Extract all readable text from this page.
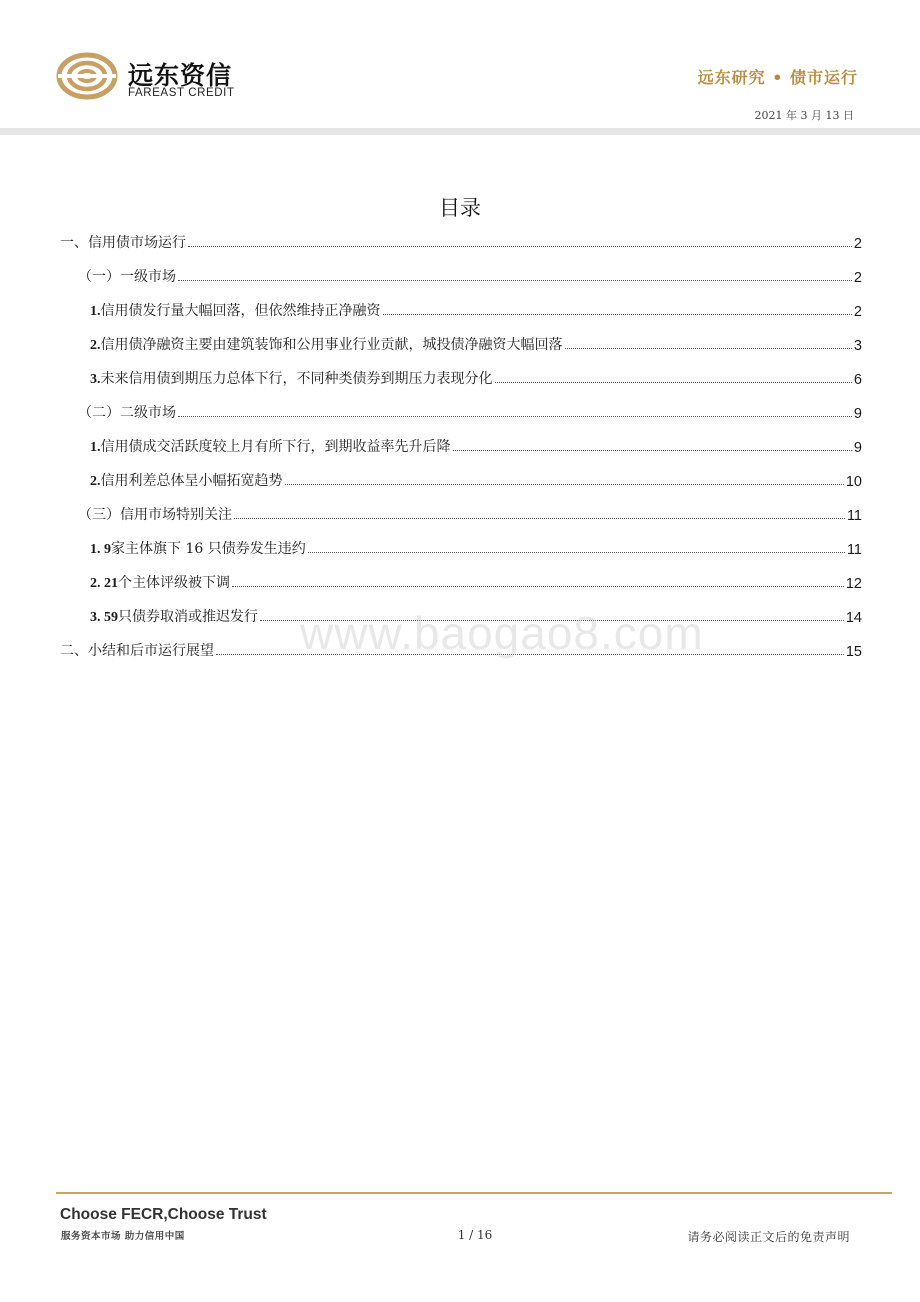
远东资信
FAREAST CREDIT
远东研究 • 债市运行
2021 年 3 月 13 日
目录
一、信用债市场运行	2
（一）一级市场	2
1. 信用债发行量大幅回落，但依然维持正净融资	2
2. 信用债净融资主要由建筑装饰和公用事业行业贡献，城投债净融资大幅回落	3
3. 未来信用债到期压力总体下行，不同种类债券到期压力表现分化	6
（二）二级市场	9
1. 信用债成交活跃度较上月有所下行，到期收益率先升后降	9
2. 信用利差总体呈小幅拓宽趋势	10
（三）信用市场特别关注	11
1. 9 家主体旗下 16 只债券发生违约	11
2. 21 个主体评级被下调	12
3. 59 只债券取消或推迟发行	14
二、小结和后市运行展望	15
www.baogao8.com
Choose FECR,Choose Trust
服务资本市场 助力信用中国	1 / 16	请务必阅读正文后的免责声明
